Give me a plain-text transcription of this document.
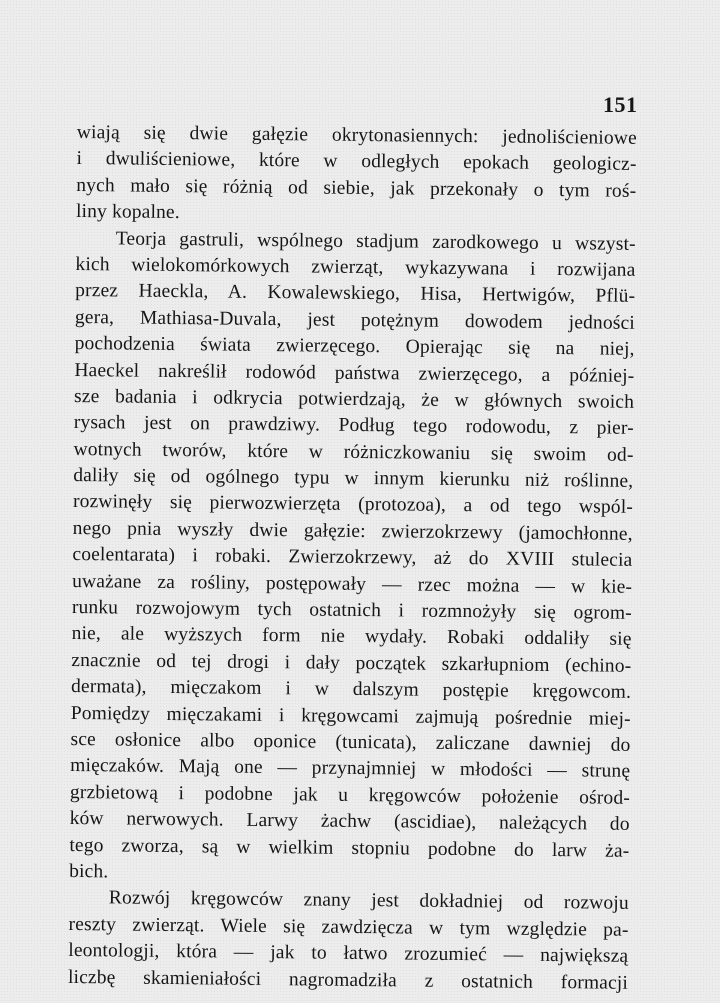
151
wiają się dwie gałęzie okrytonasiennych: jednoliścieniowe
i dwuliścieniowe, które w odległych epokach geologicz-
nych mało się różnią od siebie, jak przekonały o tym roś-
liny kopalne.
Teorja gastruli, wspólnego stadjum zarodkowego u wszyst-
kich wielokomórkowych zwierząt, wykazywana i rozwijana
przez Haeckla, A. Kowalewskiego, Hisa, Hertwigów, Pflü-
gera, Mathiasa-Duvala, jest potężnym dowodem jedności
pochodzenia świata zwierzęcego. Opierając się na niej,
Haeckel nakreślił rodowód państwa zwierzęcego, a później-
sze badania i odkrycia potwierdzają, że w głównych swoich
rysach jest on prawdziwy. Podług tego rodowodu, z pier-
wotnych tworów, które w różniczkowaniu się swoim od-
daliły się od ogólnego typu w innym kierunku niż roślinne,
rozwinęły się pierwozwierzęta (protozoa), a od tego wspól-
nego pnia wyszły dwie gałęzie: zwierzokrzewy (jamochłonne,
coelentarata) i robaki. Zwierzokrzewy, aż do XVIII stulecia
uważane za rośliny, postępowały — rzec można — w kie-
runku rozwojowym tych ostatnich i rozmnożyły się ogrom-
nie, ale wyższych form nie wydały. Robaki oddaliły się
znacznie od tej drogi i dały początek szkarłupniom (echino-
dermata), mięczakom i w dalszym postępie kręgowcom.
Pomiędzy mięczakami i kręgowcami zajmują pośrednie miej-
sce osłonice albo oponice (tunicata), zaliczane dawniej do
mięczaków. Mają one — przynajmniej w młodości — strunę
grzbietową i podobne jak u kręgowców położenie ośrod-
ków nerwowych. Larwy żachw (ascidiae), należących do
tego zworza, są w wielkim stopniu podobne do larw ża-
bich.
Rozwój kręgowców znany jest dokładniej od rozwoju
reszty zwierząt. Wiele się zawdzięcza w tym względzie pa-
leontologji, która — jak to łatwo zrozumieć — największą
liczbę skamieniałości nagromadziła z ostatnich formacji
